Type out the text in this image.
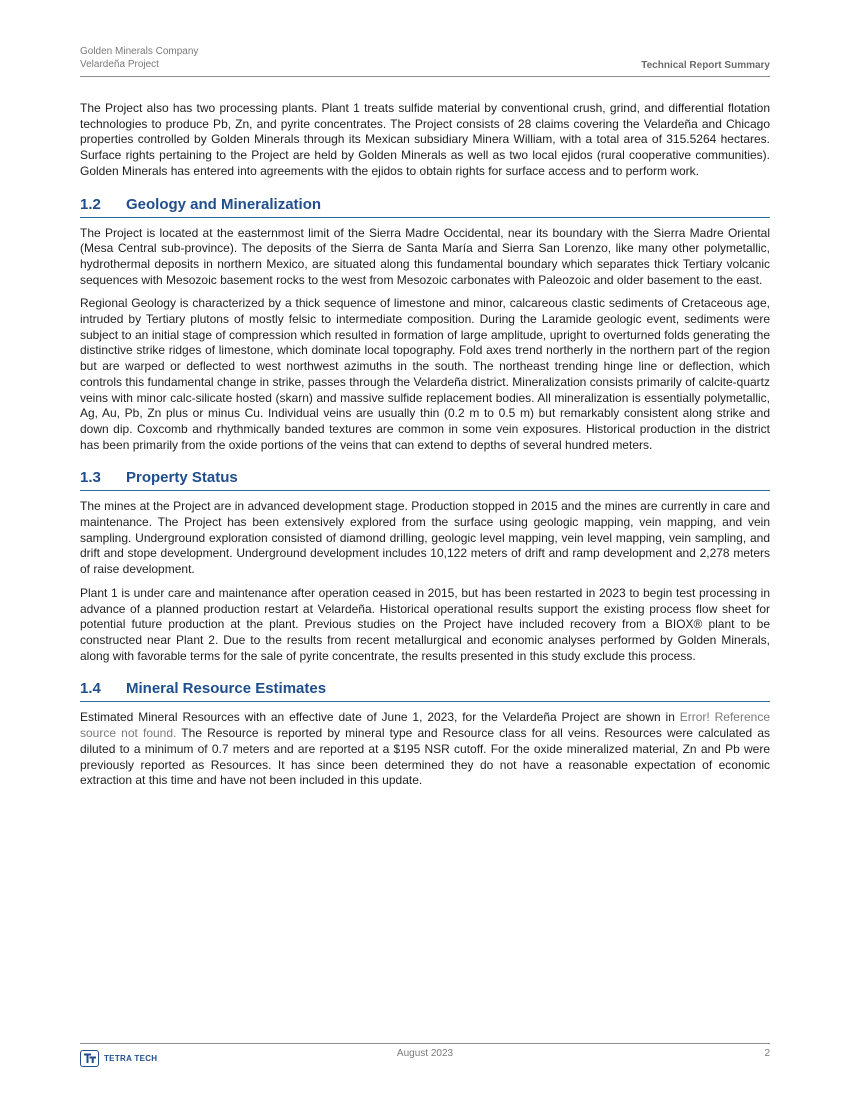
Golden Minerals Company
Velardeña Project	Technical Report Summary

The Project also has two processing plants. Plant 1 treats sulfide material by conventional crush, grind, and differential flotation technologies to produce Pb, Zn, and pyrite concentrates. The Project consists of 28 claims covering the Velardeña and Chicago properties controlled by Golden Minerals through its Mexican subsidiary Minera William, with a total area of 315.5264 hectares. Surface rights pertaining to the Project are held by Golden Minerals as well as two local ejidos (rural cooperative communities). Golden Minerals has entered into agreements with the ejidos to obtain rights for surface access and to perform work.

1.2 Geology and Mineralization

The Project is located at the easternmost limit of the Sierra Madre Occidental, near its boundary with the Sierra Madre Oriental (Mesa Central sub-province). The deposits of the Sierra de Santa María and Sierra San Lorenzo, like many other polymetallic, hydrothermal deposits in northern Mexico, are situated along this fundamental boundary which separates thick Tertiary volcanic sequences with Mesozoic basement rocks to the west from Mesozoic carbonates with Paleozoic and older basement to the east.

Regional Geology is characterized by a thick sequence of limestone and minor, calcareous clastic sediments of Cretaceous age, intruded by Tertiary plutons of mostly felsic to intermediate composition. During the Laramide geologic event, sediments were subject to an initial stage of compression which resulted in formation of large amplitude, upright to overturned folds generating the distinctive strike ridges of limestone, which dominate local topography. Fold axes trend northerly in the northern part of the region but are warped or deflected to west northwest azimuths in the south. The northeast trending hinge line or deflection, which controls this fundamental change in strike, passes through the Velardeña district. Mineralization consists primarily of calcite-quartz veins with minor calc-silicate hosted (skarn) and massive sulfide replacement bodies. All mineralization is essentially polymetallic, Ag, Au, Pb, Zn plus or minus Cu. Individual veins are usually thin (0.2 m to 0.5 m) but remarkably consistent along strike and down dip. Coxcomb and rhythmically banded textures are common in some vein exposures. Historical production in the district has been primarily from the oxide portions of the veins that can extend to depths of several hundred meters.

1.3 Property Status

The mines at the Project are in advanced development stage. Production stopped in 2015 and the mines are currently in care and maintenance. The Project has been extensively explored from the surface using geologic mapping, vein mapping, and vein sampling. Underground exploration consisted of diamond drilling, geologic level mapping, vein level mapping, vein sampling, and drift and stope development. Underground development includes 10,122 meters of drift and ramp development and 2,278 meters of raise development.

Plant 1 is under care and maintenance after operation ceased in 2015, but has been restarted in 2023 to begin test processing in advance of a planned production restart at Velardeña. Historical operational results support the existing process flow sheet for potential future production at the plant. Previous studies on the Project have included recovery from a BIOX® plant to be constructed near Plant 2. Due to the results from recent metallurgical and economic analyses performed by Golden Minerals, along with favorable terms for the sale of pyrite concentrate, the results presented in this study exclude this process.

1.4 Mineral Resource Estimates

Estimated Mineral Resources with an effective date of June 1, 2023, for the Velardeña Project are shown in Error! Reference source not found. The Resource is reported by mineral type and Resource class for all veins. Resources were calculated as diluted to a minimum of 0.7 meters and are reported at a $195 NSR cutoff. For the oxide mineralized material, Zn and Pb were previously reported as Resources. It has since been determined they do not have a reasonable expectation of economic extraction at this time and have not been included in this update.

TETRA TECH	August 2023	2
